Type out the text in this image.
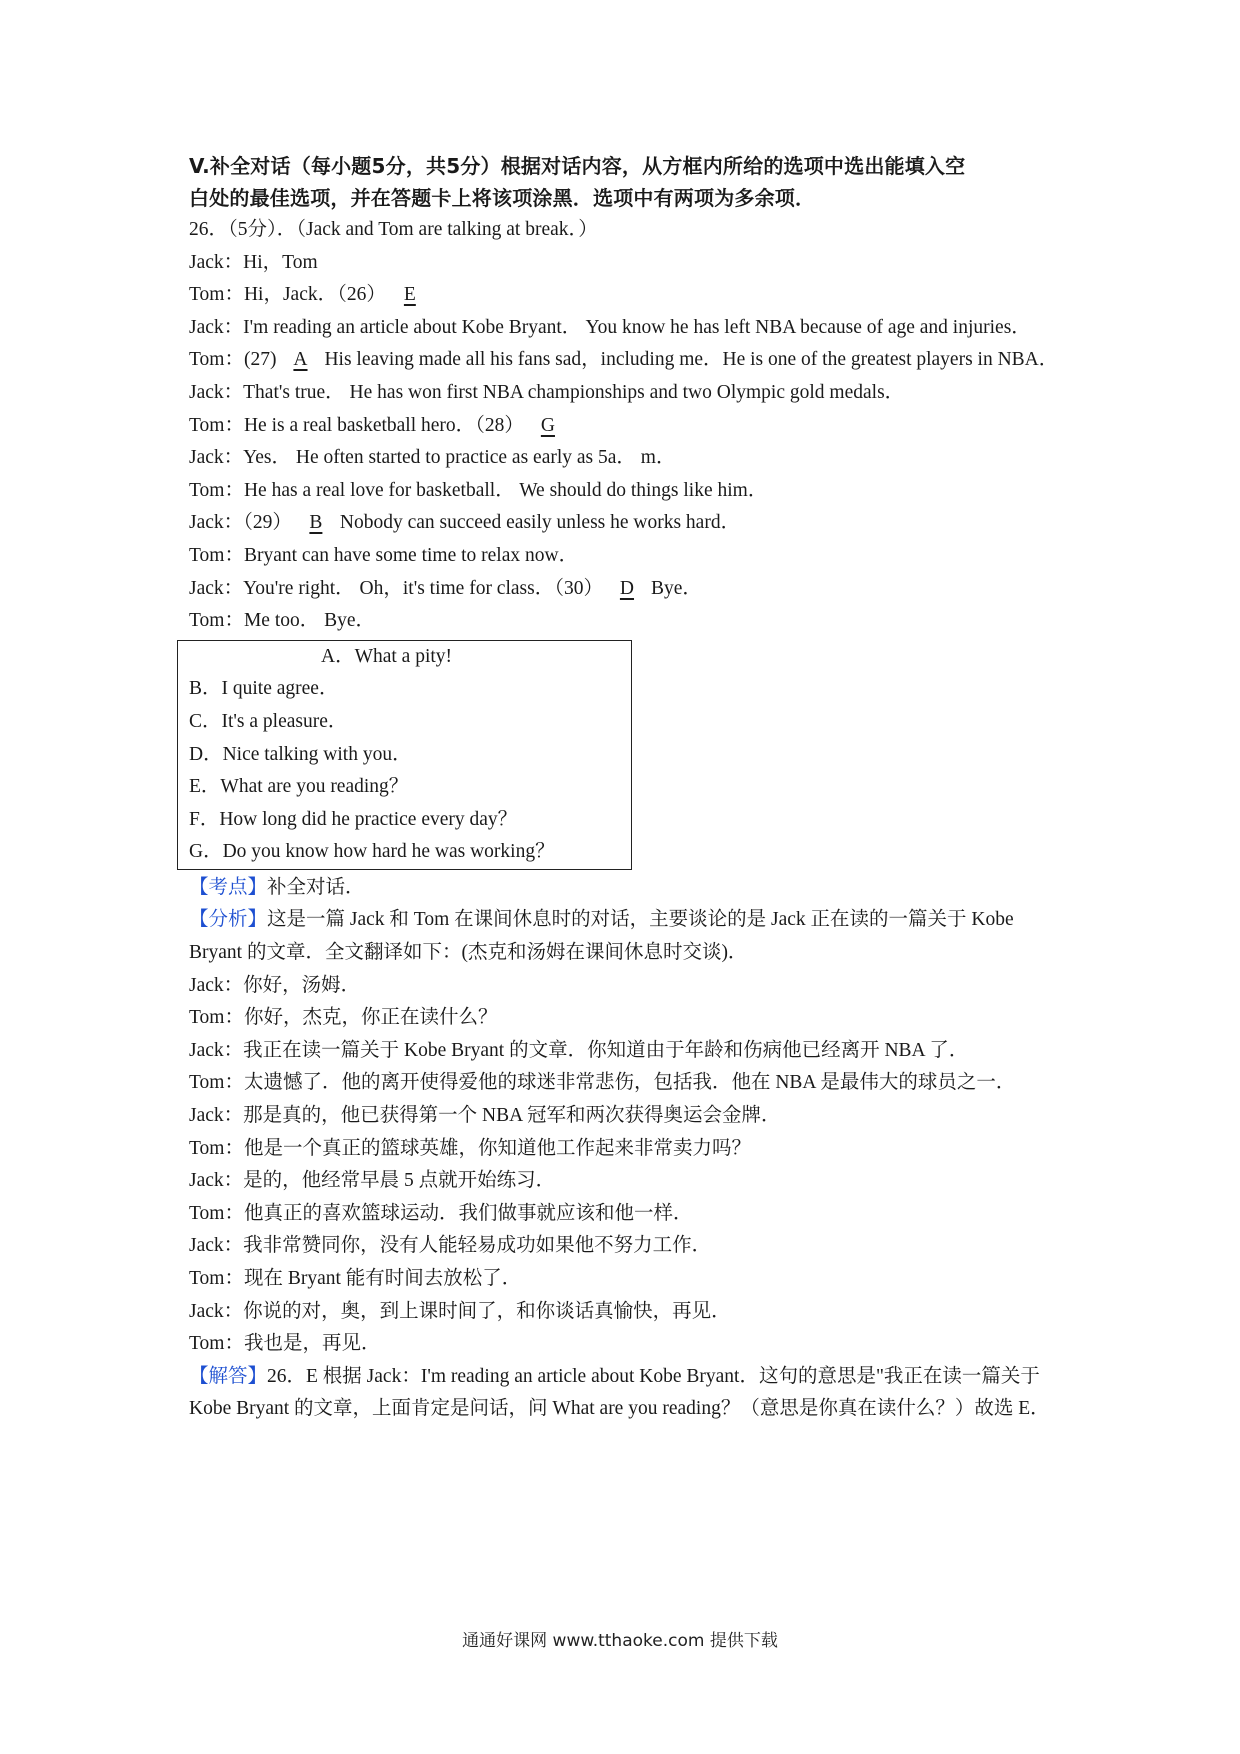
V.补全对话（每小题5分，共5分）根据对话内容，从方框内所给的选项中选出能填入空
白处的最佳选项，并在答题卡上将该项涂黑．选项中有两项为多余项．
26．（5分）．（Jack and Tom are talking at break．）
Jack：Hi，Tom
Tom：Hi，Jack．（26） E
Jack：I'm reading an article about Kobe Bryant． You know he has left NBA because of age and injuries．
Tom：(27) A His leaving made all his fans sad，including me．He is one of the greatest players in NBA．
Jack：That's true． He has won first NBA championships and two Olympic gold medals．
Tom：He is a real basketball hero．（28） G
Jack：Yes． He often started to practice as early as 5a． m．
Tom：He has a real love for basketball． We should do things like him．
Jack：（29） B Nobody can succeed easily unless he works hard．
Tom：Bryant can have some time to relax now．
Jack：You're right． Oh，it's time for class．（30） D Bye．
Tom：Me too． Bye．
A．What a pity!
B．I quite agree．
C．It's a pleasure．
D．Nice talking with you．
E．What are you reading？
F．How long did he practice every day？
G．Do you know how hard he was working？
【考点】补全对话．
【分析】这是一篇 Jack 和 Tom 在课间休息时的对话，主要谈论的是 Jack 正在读的一篇关于 Kobe Bryant 的文章．全文翻译如下：(杰克和汤姆在课间休息时交谈)．
Jack：你好，汤姆．
Tom：你好，杰克，你正在读什么？
Jack：我正在读一篇关于 Kobe Bryant 的文章．你知道由于年龄和伤病他已经离开 NBA 了．
Tom：太遗憾了．他的离开使得爱他的球迷非常悲伤，包括我．他在 NBA 是最伟大的球员之一．
Jack：那是真的，他已获得第一个 NBA 冠军和两次获得奥运会金牌．
Tom：他是一个真正的篮球英雄，你知道他工作起来非常卖力吗？
Jack：是的，他经常早晨 5 点就开始练习．
Tom：他真正的喜欢篮球运动．我们做事就应该和他一样．
Jack：我非常赞同你，没有人能轻易成功如果他不努力工作．
Tom：现在 Bryant 能有时间去放松了．
Jack：你说的对，奥，到上课时间了，和你谈话真愉快，再见．
Tom：我也是，再见．
【解答】26．E 根据 Jack：I'm reading an article about Kobe Bryant．这句的意思是"我正在读一篇关于 Kobe Bryant 的文章，上面肯定是问话，问 What are you reading？（意思是你真在读什么？）故选 E．
通通好课网 www.tthaoke.com 提供下载
